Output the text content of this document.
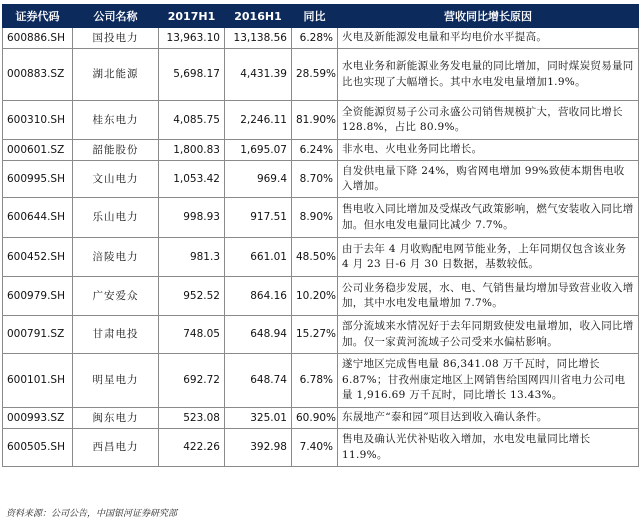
证券代码	公司名称	2017H1	2016H1	同比	营收同比增长原因
600886.SH	国投电力	13,963.10	13,138.56	6.28%	火电及新能源发电量和平均电价水平提高。
000883.SZ	湖北能源	5,698.17	4,431.39	28.59%	水电业务和新能源业务发电量的同比增加，同时煤炭贸易量同比也实现了大幅增长。其中水电发电量增加1.9%。
600310.SH	桂东电力	4,085.75	2,246.11	81.90%	全资能源贸易子公司永盛公司销售规模扩大，营收同比增长 128.8%，占比 80.9%。
000601.SZ	韶能股份	1,800.83	1,695.07	6.24%	非水电、火电业务同比增长。
600995.SH	文山电力	1,053.42	969.4	8.70%	自发供电量下降 24%，购省网电增加 99%致使本期售电收入增加。
600644.SH	乐山电力	998.93	917.51	8.90%	售电收入同比增加及受煤改气政策影响，燃气安装收入同比增加。但水电发电量同比减少 7.7%。
600452.SH	涪陵电力	981.3	661.01	48.50%	由于去年 4 月收购配电网节能业务，上年同期仅包含该业务 4 月 23 日-6 月 30 日数据，基数较低。
600979.SH	广安爱众	952.52	864.16	10.20%	公司业务稳步发展，水、电、气销售量均增加导致营业收入增加，其中水电发电量增加 7.7%。
000791.SZ	甘肃电投	748.05	648.94	15.27%	部分流域来水情况好于去年同期致使发电量增加，收入同比增加。仅一家黄河流域子公司受来水偏枯影响。
600101.SH	明星电力	692.72	648.74	6.78%	遂宁地区完成售电量 86,341.08 万千瓦时，同比增长6.87%；甘孜州康定地区上网销售给国网四川省电力公司电量 1,916.69 万千瓦时，同比增长 13.43%。
000993.SZ	闽东电力	523.08	325.01	60.90%	东晟地产“泰和园”项目达到收入确认条件。
600505.SH	西昌电力	422.26	392.98	7.40%	售电及确认光伏补贴收入增加，水电发电量同比增长11.9%。
资料来源：公司公告，中国银河证券研究部
